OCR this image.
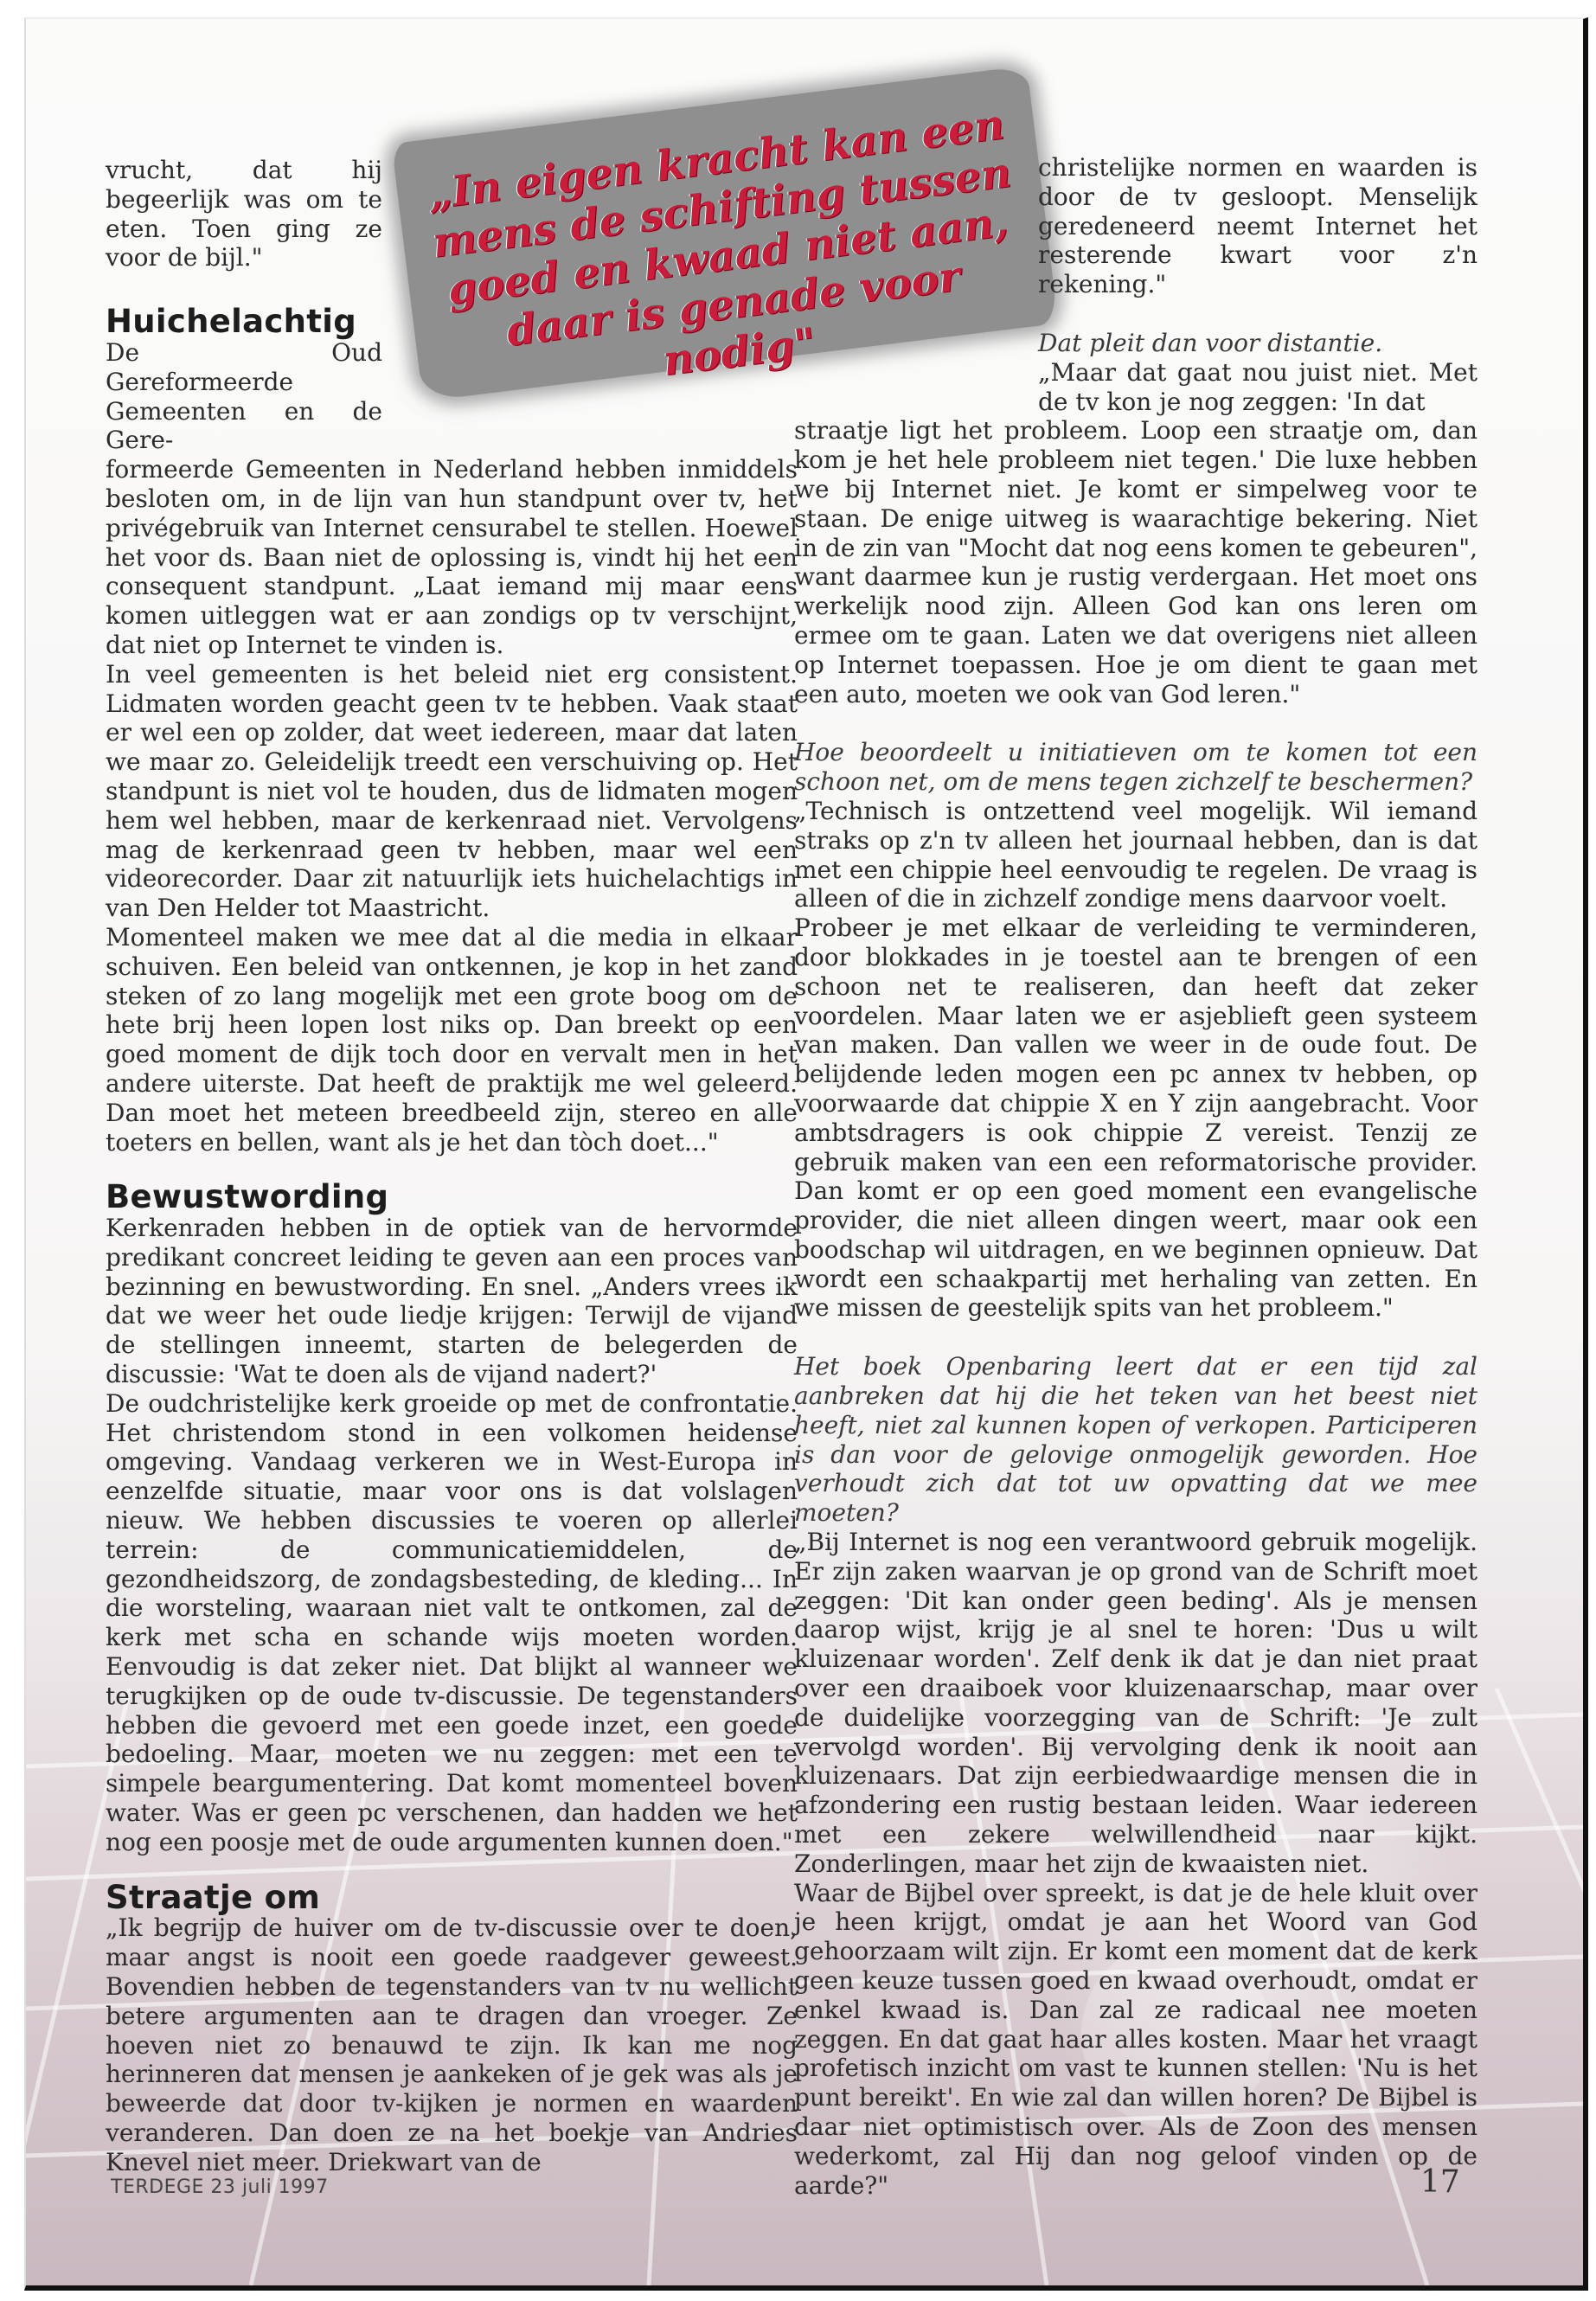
„In eigen kracht kan een mens de schifting tussen goed en kwaad niet aan, daar is genade voor nodig"

vrucht, dat hij begeerlijk was om te eten. Toen ging ze voor de bijl."

Huichelachtig

De Oud Gereformeerde Gemeenten en de Gere-

formeerde Gemeenten in Nederland hebben inmiddels besloten om, in de lijn van hun standpunt over tv, het privégebruik van Internet censurabel te stellen. Hoewel het voor ds. Baan niet de oplossing is, vindt hij het een consequent standpunt. „Laat iemand mij maar eens komen uitleggen wat er aan zondigs op tv verschijnt, dat niet op Internet te vinden is.

In veel gemeenten is het beleid niet erg consistent. Lidmaten worden geacht geen tv te hebben. Vaak staat er wel een op zolder, dat weet iedereen, maar dat laten we maar zo. Geleidelijk treedt een verschuiving op. Het standpunt is niet vol te houden, dus de lidmaten mogen hem wel hebben, maar de kerkenraad niet. Vervolgens mag de kerkenraad geen tv hebben, maar wel een videorecorder. Daar zit natuurlijk iets huichelachtigs in van Den Helder tot Maastricht.

Momenteel maken we mee dat al die media in elkaar schuiven. Een beleid van ontkennen, je kop in het zand steken of zo lang mogelijk met een grote boog om de hete brij heen lopen lost niks op. Dan breekt op een goed moment de dijk toch door en vervalt men in het andere uiterste. Dat heeft de praktijk me wel geleerd. Dan moet het meteen breedbeeld zijn, stereo en alle toeters en bellen, want als je het dan tòch doet..."

Bewustwording

Kerkenraden hebben in de optiek van de hervormde predikant concreet leiding te geven aan een proces van bezinning en bewustwording. En snel. „Anders vrees ik dat we weer het oude liedje krijgen: Terwijl de vijand de stellingen inneemt, starten de belegerden de discussie: 'Wat te doen als de vijand nadert?'

De oudchristelijke kerk groeide op met de confrontatie. Het christendom stond in een volkomen heidense omgeving. Vandaag verkeren we in West-Europa in eenzelfde situatie, maar voor ons is dat volslagen nieuw. We hebben discussies te voeren op allerlei terrein: de communicatiemiddelen, de gezondheidszorg, de zondagsbesteding, de kleding... In die worsteling, waaraan niet valt te ontkomen, zal de kerk met scha en schande wijs moeten worden. Eenvoudig is dat zeker niet. Dat blijkt al wanneer we terugkijken op de oude tv-discussie. De tegenstanders hebben die gevoerd met een goede inzet, een goede bedoeling. Maar, moeten we nu zeggen: met een te simpele beargumentering. Dat komt momenteel boven water. Was er geen pc verschenen, dan hadden we het nog een poosje met de oude argumenten kunnen doen."

Straatje om

„Ik begrijp de huiver om de tv-discussie over te doen, maar angst is nooit een goede raadgever geweest. Bovendien hebben de tegenstanders van tv nu wellicht betere argumenten aan te dragen dan vroeger. Ze hoeven niet zo benauwd te zijn. Ik kan me nog herinneren dat mensen je aankeken of je gek was als je beweerde dat door tv-kijken je normen en waarden veranderen. Dan doen ze na het boekje van Andries Knevel niet meer. Driekwart van de

christelijke normen en waarden is door de tv gesloopt. Menselijk geredeneerd neemt Internet het resterende kwart voor z'n rekening."

Dat pleit dan voor distantie.

„Maar dat gaat nou juist niet. Met de tv kon je nog zeggen: 'In dat

straatje ligt het probleem. Loop een straatje om, dan kom je het hele probleem niet tegen.' Die luxe hebben we bij Internet niet. Je komt er simpelweg voor te staan. De enige uitweg is waarachtige bekering. Niet in de zin van "Mocht dat nog eens komen te gebeuren", want daarmee kun je rustig verdergaan. Het moet ons werkelijk nood zijn. Alleen God kan ons leren om ermee om te gaan. Laten we dat overigens niet alleen op Internet toepassen. Hoe je om dient te gaan met een auto, moeten we ook van God leren."

Hoe beoordeelt u initiatieven om te komen tot een schoon net, om de mens tegen zichzelf te beschermen?

„Technisch is ontzettend veel mogelijk. Wil iemand straks op z'n tv alleen het journaal hebben, dan is dat met een chippie heel eenvoudig te regelen. De vraag is alleen of die in zichzelf zondige mens daarvoor voelt.

Probeer je met elkaar de verleiding te verminderen, door blokkades in je toestel aan te brengen of een schoon net te realiseren, dan heeft dat zeker voordelen. Maar laten we er asjeblieft geen systeem van maken. Dan vallen we weer in de oude fout. De belijdende leden mogen een pc annex tv hebben, op voorwaarde dat chippie X en Y zijn aangebracht. Voor ambtsdragers is ook chippie Z vereist. Tenzij ze gebruik maken van een een reformatorische provider. Dan komt er op een goed moment een evangelische provider, die niet alleen dingen weert, maar ook een boodschap wil uitdragen, en we beginnen opnieuw. Dat wordt een schaakpartij met herhaling van zetten. En we missen de geestelijk spits van het probleem."

Het boek Openbaring leert dat er een tijd zal aanbreken dat hij die het teken van het beest niet heeft, niet zal kunnen kopen of verkopen. Participeren is dan voor de gelovige onmogelijk geworden. Hoe verhoudt zich dat tot uw opvatting dat we mee moeten?

„Bij Internet is nog een verantwoord gebruik mogelijk. Er zijn zaken waarvan je op grond van de Schrift moet zeggen: 'Dit kan onder geen beding'. Als je mensen daarop wijst, krijg je al snel te horen: 'Dus u wilt kluizenaar worden'. Zelf denk ik dat je dan niet praat over een draaiboek voor kluizenaarschap, maar over de duidelijke voorzegging van de Schrift: 'Je zult vervolgd worden'. Bij vervolging denk ik nooit aan kluizenaars. Dat zijn eerbiedwaardige mensen die in afzondering een rustig bestaan leiden. Waar iedereen met een zekere welwillendheid naar kijkt. Zonderlingen, maar het zijn de kwaaisten niet.

Waar de Bijbel over spreekt, is dat je de hele kluit over je heen krijgt, omdat je aan het Woord van God gehoorzaam wilt zijn. Er komt een moment dat de kerk geen keuze tussen goed en kwaad overhoudt, omdat er enkel kwaad is. Dan zal ze radicaal nee moeten zeggen. En dat gaat haar alles kosten. Maar het vraagt profetisch inzicht om vast te kunnen stellen: 'Nu is het punt bereikt'. En wie zal dan willen horen? De Bijbel is daar niet optimistisch over. Als de Zoon des mensen wederkomt, zal Hij dan nog geloof vinden op de aarde?"

TERDEGE 23 juli 1997	17
